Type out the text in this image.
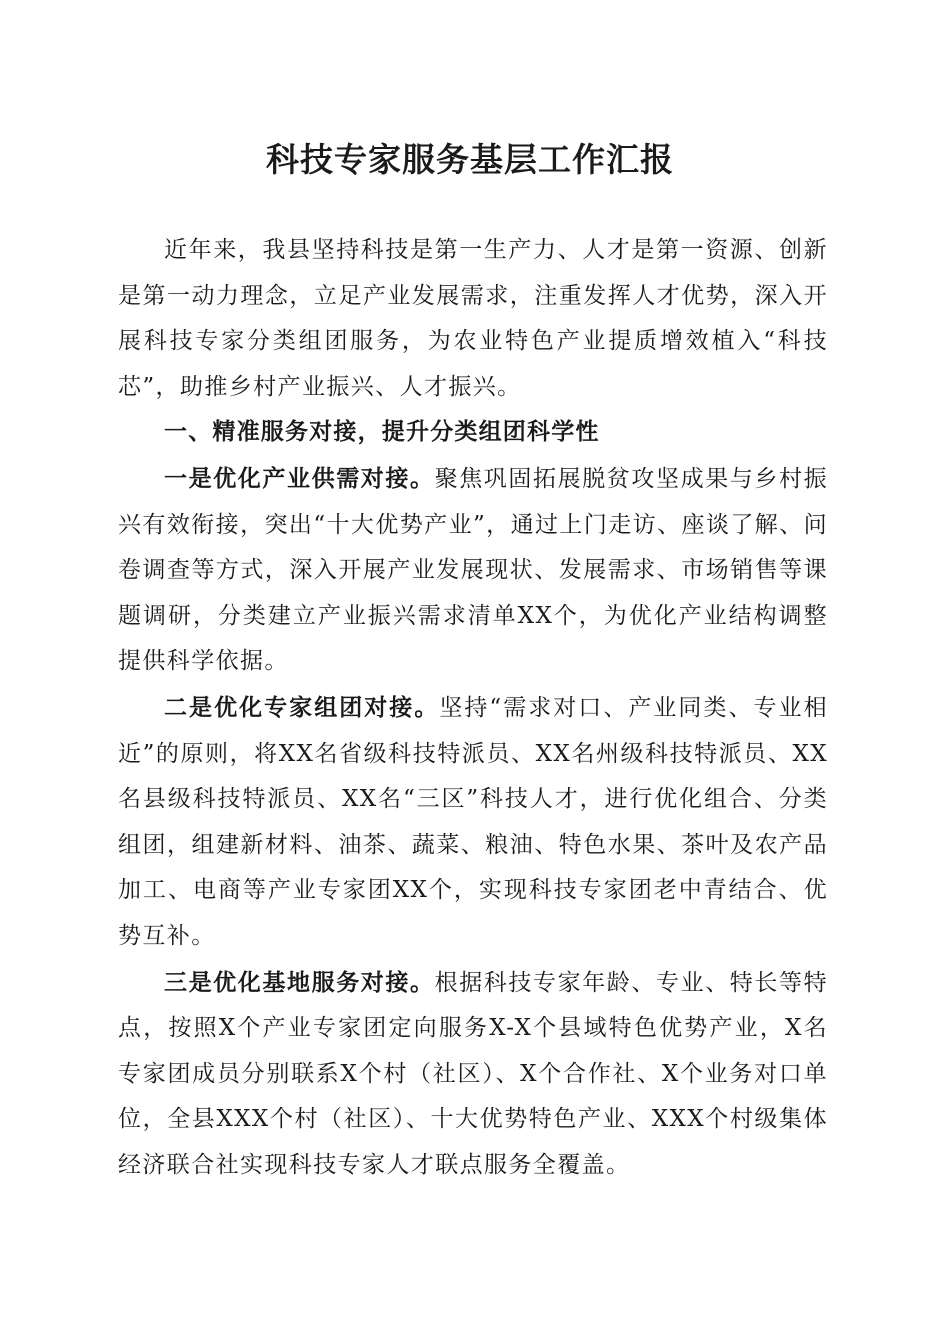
科技专家服务基层工作汇报

近年来，我县坚持科技是第一生产力、人才是第一资源、创新是第一动力理念，立足产业发展需求，注重发挥人才优势，深入开展科技专家分类组团服务，为农业特色产业提质增效植入“科技芯”，助推乡村产业振兴、人才振兴。

一、精准服务对接，提升分类组团科学性

一是优化产业供需对接。聚焦巩固拓展脱贫攻坚成果与乡村振兴有效衔接，突出“十大优势产业”，通过上门走访、座谈了解、问卷调查等方式，深入开展产业发展现状、发展需求、市场销售等课题调研，分类建立产业振兴需求清单XX个，为优化产业结构调整提供科学依据。

二是优化专家组团对接。坚持“需求对口、产业同类、专业相近”的原则，将XX名省级科技特派员、XX名州级科技特派员、XX名县级科技特派员、XX名“三区”科技人才，进行优化组合、分类组团，组建新材料、油茶、蔬菜、粮油、特色水果、茶叶及农产品加工、电商等产业专家团XX个，实现科技专家团老中青结合、优势互补。

三是优化基地服务对接。根据科技专家年龄、专业、特长等特点，按照X个产业专家团定向服务X-X个县域特色优势产业，X名专家团成员分别联系X个村（社区）、X个合作社、X个业务对口单位，全县XXX个村（社区）、十大优势特色产业、XXX个村级集体经济联合社实现科技专家人才联点服务全覆盖。
